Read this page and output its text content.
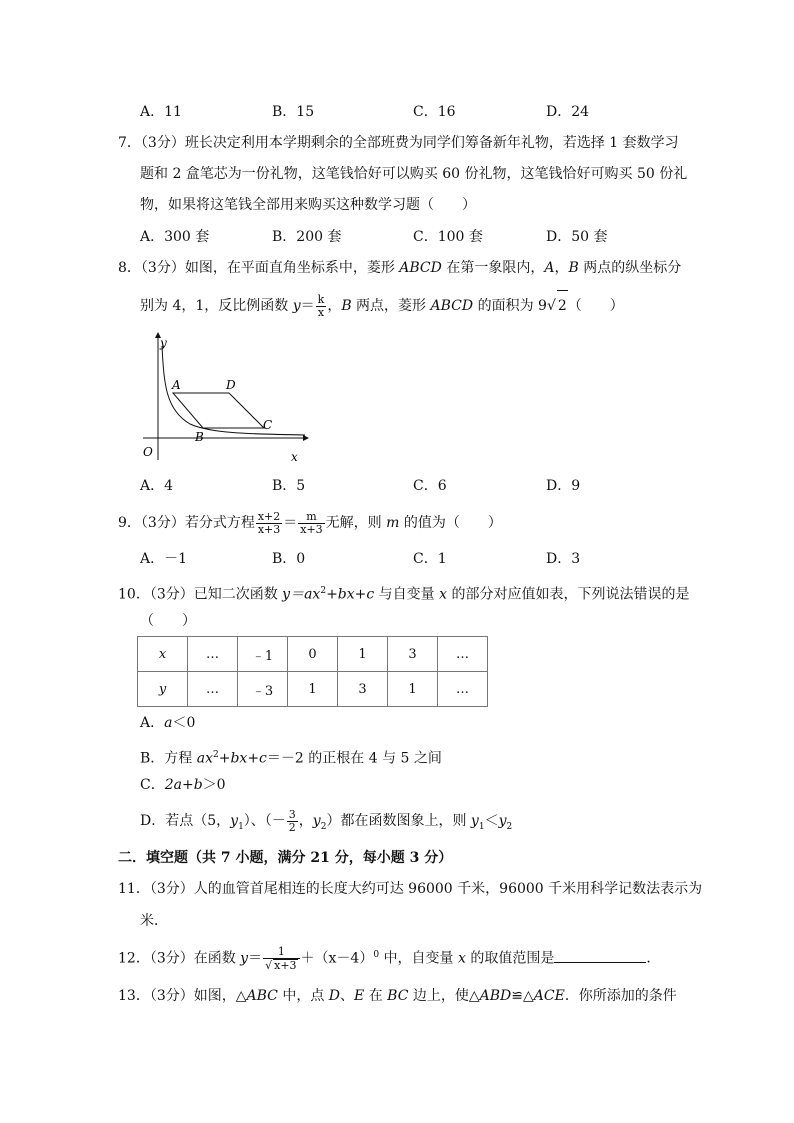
A．11	B．15	C．16	D．24
7．（3分）班长决定利用本学期剩余的全部班费为同学们筹备新年礼物，若选择 1 套数学习
题和 2 盒笔芯为一份礼物，这笔钱恰好可以购买 60 份礼物，这笔钱恰好可购买 50 份礼
物，如果将这笔钱全部用来购买这种数学习题（　　）
A．300 套	B．200 套	C．100 套	D．50 套
8．（3分）如图，在平面直角坐标系中，菱形 ABCD 在第一象限内，A，B 两点的纵坐标分
别为 4，1，反比例函数 $y= \frac{k}{x}$ ，B 两点，菱形 ABCD 的面积为 9√ 2（　　）
y
x
O
A	D
C
B
A．4	B．5	C．6	D．9
9．（3分）若分式方程 $\frac{x+2}{x+3} = \frac{m}{x+3}$ 无解，则 m 的值为（　　）
A．－1	B．0	C．1	D．3
10．（3分）已知二次函数 $y=ax^2+bx+c$ 与自变量 x 的部分对应值如表，下列说法错误的是
（　　）
x	…	﹣1	0	1	3	…
y	…	﹣3	1	3	1	…
A．a＜0
B．方程 $ax^2+bx+c=-2$ 的正根在 4 与 5 之间
C．2a+b＞0
D．若点（5，$y_1$）、（－ $\frac{3}{2}$ ，$y_2$）都在函数图象上，则 $y_1<y_2$
二．填空题（共 7 小题，满分 21 分，每小题 3 分）
11．（3分）人的血管首尾相连的长度大约可达 96000 千米，96000 千米用科学记数法表示为
米．
12．（3分）在函数 $y= \frac{1}{√ x+3} +(x-4)^0$ 中，自变量 x 的取值范围是	．
13．（3分）如图，△ABC 中，点 D、E 在 BC 边上，使△ABD≌△ACE．你所添加的条件
